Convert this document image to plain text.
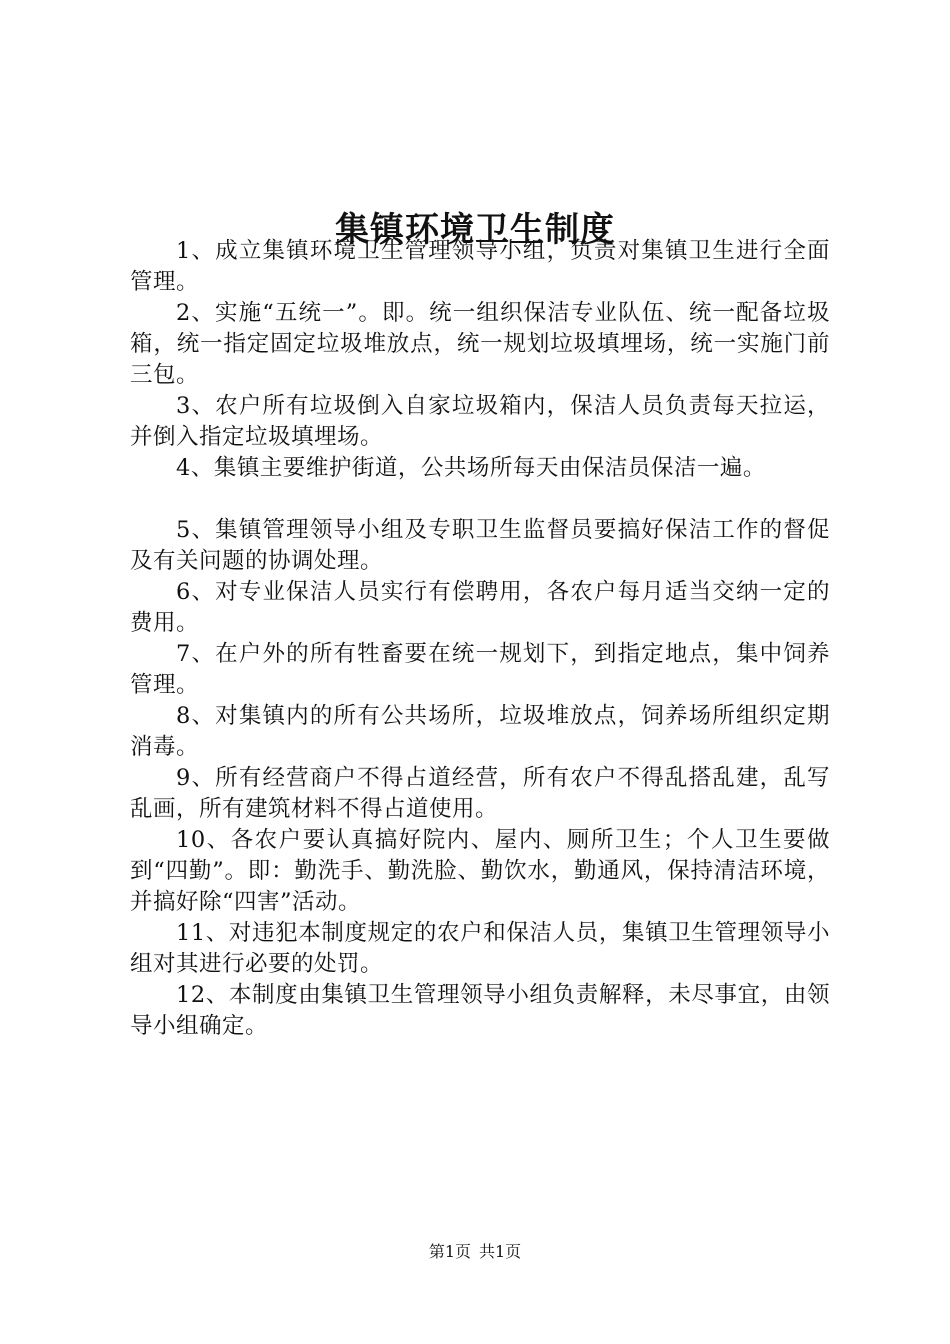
集镇环境卫生制度

1、成立集镇环境卫生管理领导小组，负责对集镇卫生进行全面管理。

2、实施“五统一”。即。统一组织保洁专业队伍、统一配备垃圾箱，统一指定固定垃圾堆放点，统一规划垃圾填埋场，统一实施门前三包。

3、农户所有垃圾倒入自家垃圾箱内，保洁人员负责每天拉运，并倒入指定垃圾填埋场。

4、集镇主要维护街道，公共场所每天由保洁员保洁一遍。

5、集镇管理领导小组及专职卫生监督员要搞好保洁工作的督促及有关问题的协调处理。

6、对专业保洁人员实行有偿聘用，各农户每月适当交纳一定的费用。

7、在户外的所有牲畜要在统一规划下，到指定地点，集中饲养管理。

8、对集镇内的所有公共场所，垃圾堆放点，饲养场所组织定期消毒。

9、所有经营商户不得占道经营，所有农户不得乱搭乱建，乱写乱画，所有建筑材料不得占道使用。

10、各农户要认真搞好院内、屋内、厕所卫生；个人卫生要做到“四勤”。即：勤洗手、勤洗脸、勤饮水，勤通风，保持清洁环境，并搞好除“四害”活动。

11、对违犯本制度规定的农户和保洁人员，集镇卫生管理领导小组对其进行必要的处罚。

12、本制度由集镇卫生管理领导小组负责解释，未尽事宜，由领导小组确定。

第1页 共1页
